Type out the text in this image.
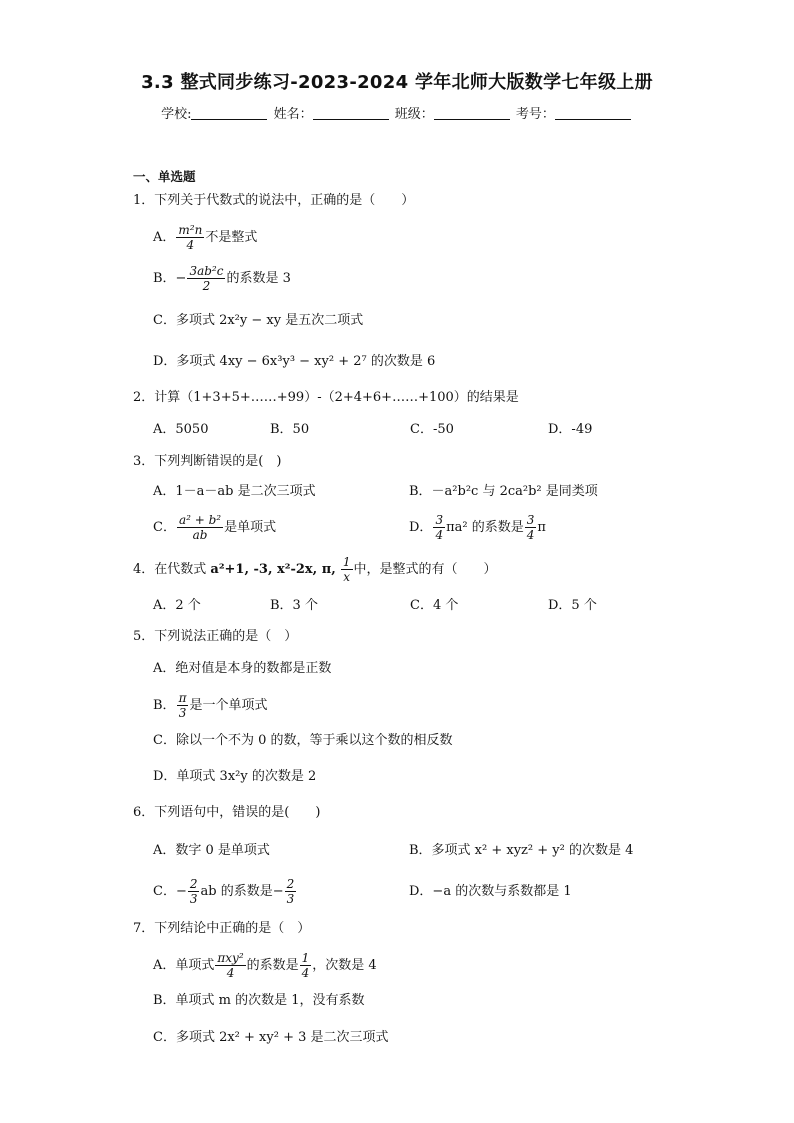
3.3 整式同步练习-2023-2024 学年北师大版数学七年级上册
学校:	姓名：	班级：	考号：
一、单选题
1．下列关于代数式的说法中，正确的是（　　）
A． $\frac{\text{m²n}}{4}$ 不是整式
B．− $\frac{\text{3ab²c}}{2}$ 的系数是 3
C．多项式 2x²y − xy 是五次二项式
D．多项式 4xy − 6x³y³ − xy² + 2⁷ 的次数是 6
2．计算（1+3+5+……+99）-（2+4+6+……+100）的结果是
A．5050	B．50	C．-50	D．-49
3．下列判断错误的是(　)
A．1－a－ab 是二次三项式	B．－a²b²c 与 2ca²b² 是同类项
C． $\frac{\text{a² + b²}}{ab}$ 是单项式	D． $\frac{3}{4} \pi a^2$ 的系数是 $\frac{3}{4}$ π
4．在代数式 a²+1, -3, x²-2x, π, $\frac{1}{x}$ 中，是整式的有（　　）
A．2 个	B．3 个	C．4 个	D．5 个
5．下列说法正确的是（　）
A．绝对值是本身的数都是正数
B． $\frac{\pi}{3}$ 是一个单项式
C．除以一个不为 0 的数，等于乘以这个数的相反数
D．单项式 3x²y 的次数是 2
6．下列语句中，错误的是(　　)
A．数字 0 是单项式	B．多项式 x² + xyz² + y² 的次数是 4
C．− $\frac{2}{3}$ ab 的系数是− $\frac{2}{3}$	D．−a 的次数与系数都是 1
7．下列结论中正确的是（　）
A．单项式 $\frac{\text{πxy²}}{4}$ 的系数是 $\frac{1}{4}$ ，次数是 4
B．单项式 m 的次数是 1，没有系数
C．多项式 2x² + xy² + 3 是二次三项式
